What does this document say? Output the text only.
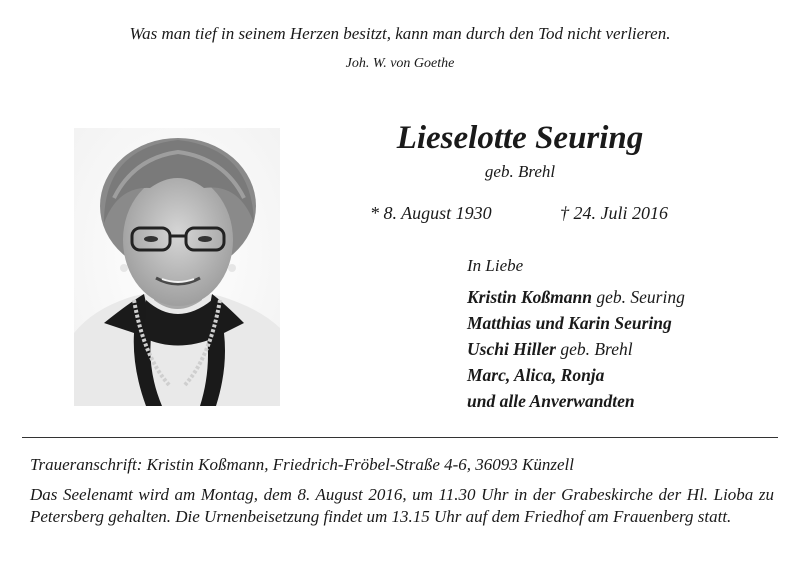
Was man tief in seinem Herzen besitzt, kann man durch den Tod nicht verlieren.
Joh. W. von Goethe
Lieselotte Seuring
geb. Brehl
* 8. August 1930	† 24. Juli 2016
In Liebe
Kristin Koßmann geb. Seuring
Matthias und Karin Seuring
Uschi Hiller geb. Brehl
Marc, Alica, Ronja
und alle Anverwandten
Traueranschrift: Kristin Koßmann, Friedrich-Fröbel-Straße 4-6, 36093 Künzell
Das Seelenamt wird am Montag, dem 8. August 2016, um 11.30 Uhr in der Grabeskirche der Hl. Lioba zu Petersberg gehalten. Die Urnenbeisetzung findet um 13.15 Uhr auf dem Friedhof am Frauenberg statt.
